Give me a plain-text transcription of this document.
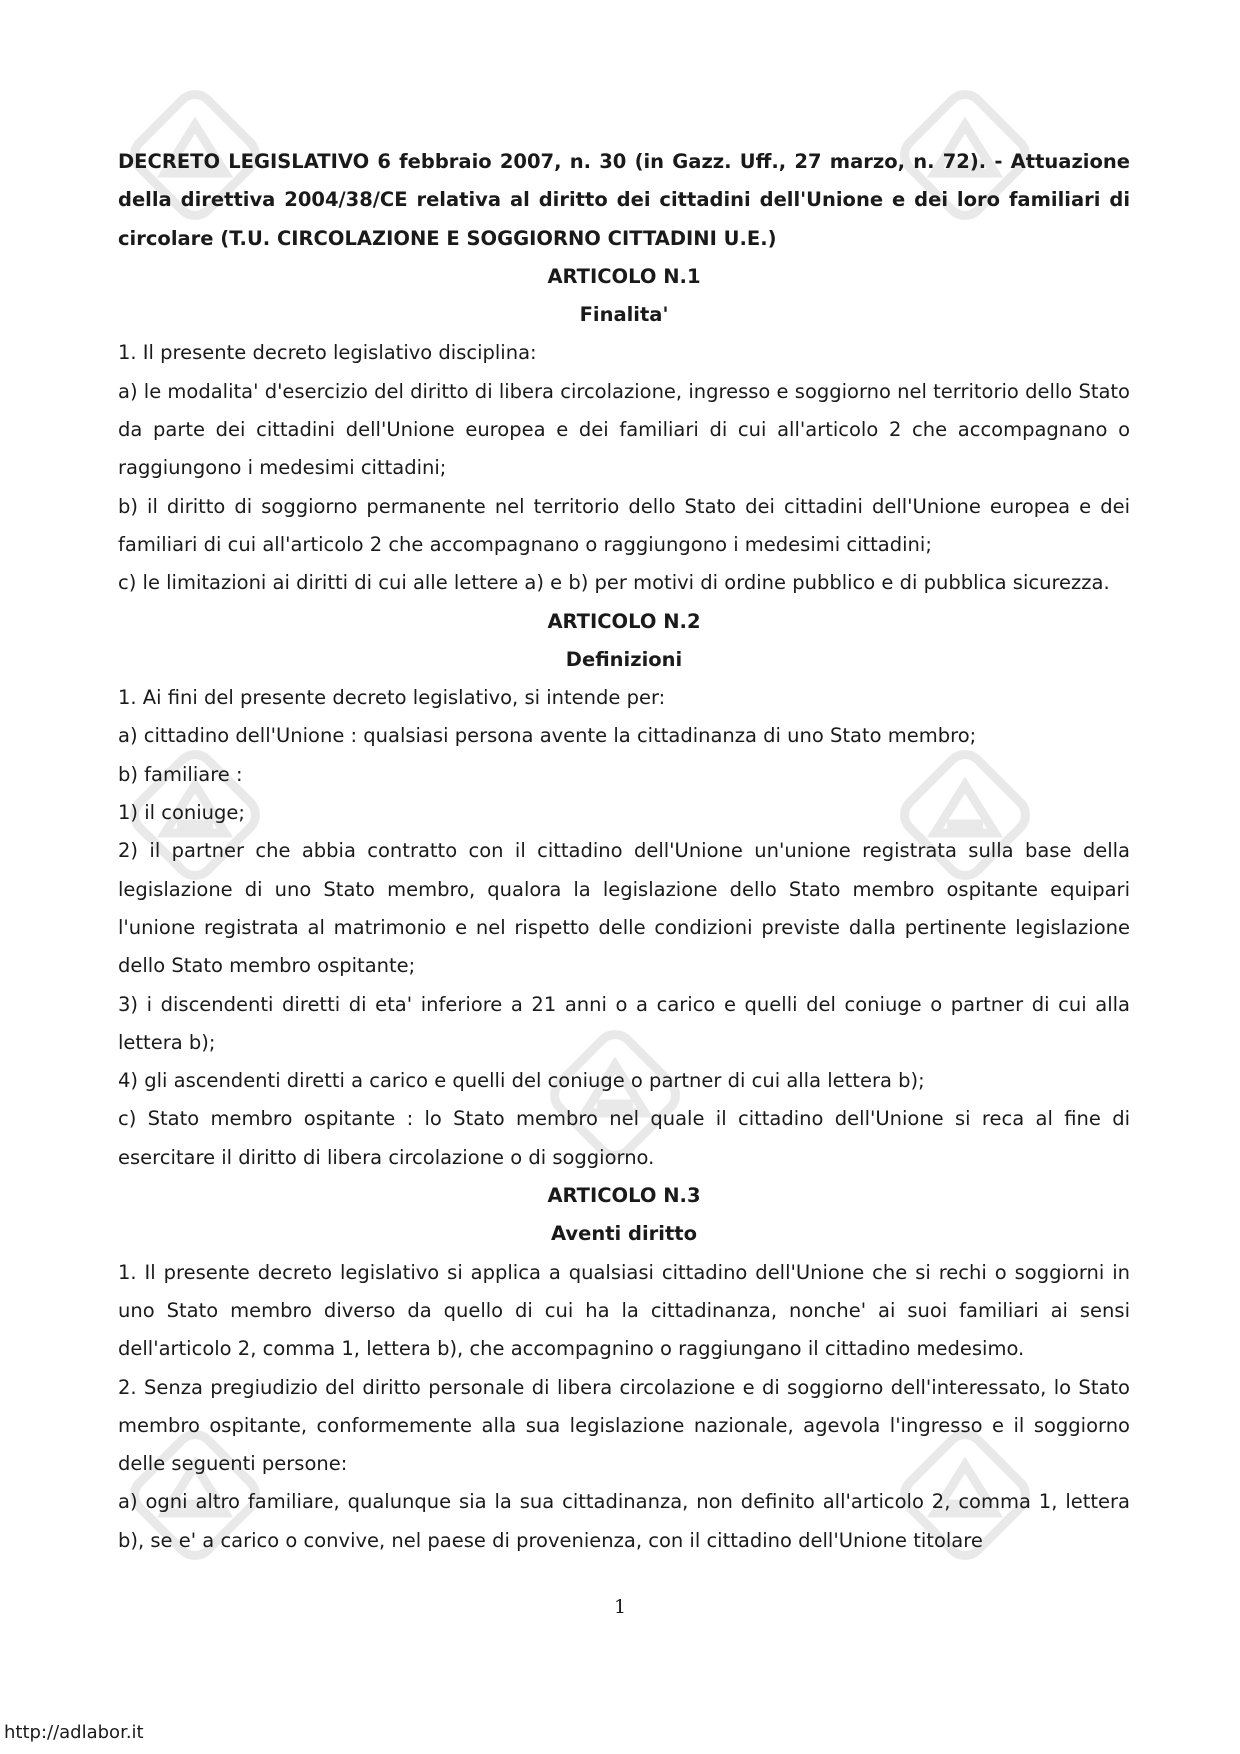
DECRETO LEGISLATIVO 6 febbraio 2007, n. 30 (in Gazz. Uff., 27 marzo, n. 72). - Attuazione della direttiva 2004/38/CE relativa al diritto dei cittadini dell'Unione e dei loro familiari di circolare (T.U. CIRCOLAZIONE E SOGGIORNO CITTADINI U.E.)

ARTICOLO N.1

Finalita'

1. Il presente decreto legislativo disciplina:

a) le modalita' d'esercizio del diritto di libera circolazione, ingresso e soggiorno nel territorio dello Stato da parte dei cittadini dell'Unione europea e dei familiari di cui all'articolo 2 che accompagnano o raggiungono i medesimi cittadini;

b) il diritto di soggiorno permanente nel territorio dello Stato dei cittadini dell'Unione europea e dei familiari di cui all'articolo 2 che accompagnano o raggiungono i medesimi cittadini;

c) le limitazioni ai diritti di cui alle lettere a) e b) per motivi di ordine pubblico e di pubblica sicurezza.

ARTICOLO N.2

Definizioni

1. Ai fini del presente decreto legislativo, si intende per:

a) cittadino dell'Unione : qualsiasi persona avente la cittadinanza di uno Stato membro;

b) familiare :

1) il coniuge;

2) il partner che abbia contratto con il cittadino dell'Unione un'unione registrata sulla base della legislazione di uno Stato membro, qualora la legislazione dello Stato membro ospitante equipari l'unione registrata al matrimonio e nel rispetto delle condizioni previste dalla pertinente legislazione dello Stato membro ospitante;

3) i discendenti diretti di eta' inferiore a 21 anni o a carico e quelli del coniuge o partner di cui alla lettera b);

4) gli ascendenti diretti a carico e quelli del coniuge o partner di cui alla lettera b);

c) Stato membro ospitante : lo Stato membro nel quale il cittadino dell'Unione si reca al fine di esercitare il diritto di libera circolazione o di soggiorno.

ARTICOLO N.3

Aventi diritto

1. Il presente decreto legislativo si applica a qualsiasi cittadino dell'Unione che si rechi o soggiorni in uno Stato membro diverso da quello di cui ha la cittadinanza, nonche' ai suoi familiari ai sensi dell'articolo 2, comma 1, lettera b), che accompagnino o raggiungano il cittadino medesimo.

2. Senza pregiudizio del diritto personale di libera circolazione e di soggiorno dell'interessato, lo Stato membro ospitante, conformemente alla sua legislazione nazionale, agevola l'ingresso e il soggiorno delle seguenti persone:

a) ogni altro familiare, qualunque sia la sua cittadinanza, non definito all'articolo 2, comma 1, lettera b), se e' a carico o convive, nel paese di provenienza, con il cittadino dell'Unione titolare

1
http://adlabor.it
